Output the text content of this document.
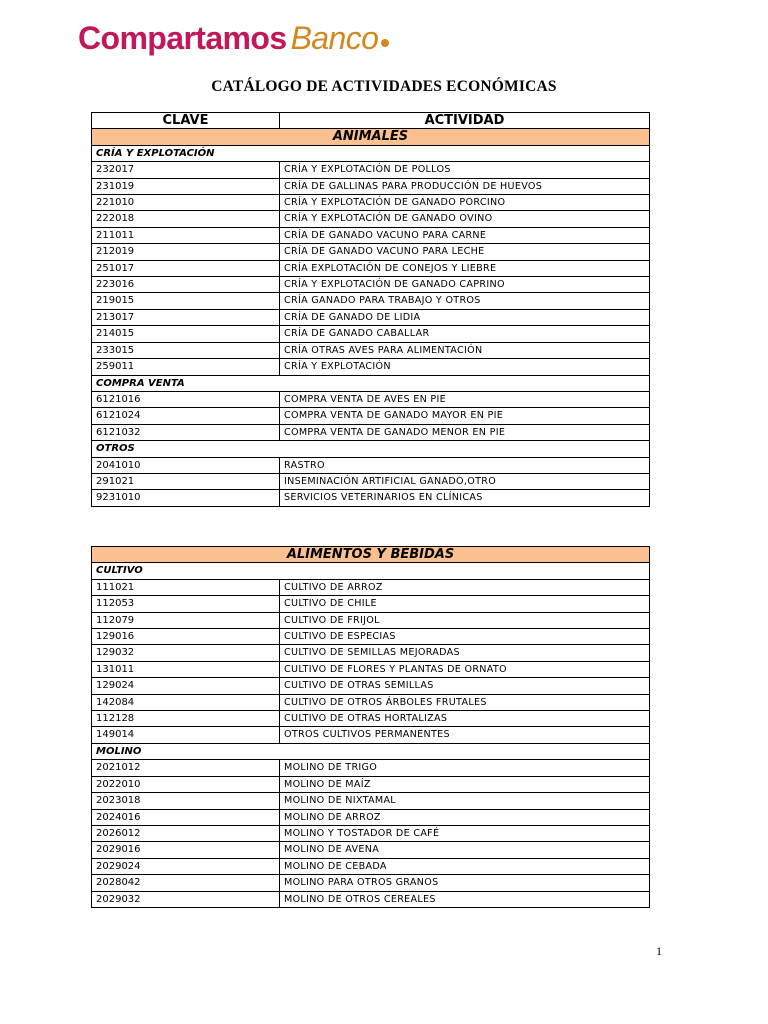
Compartamos Banco
CATÁLOGO DE ACTIVIDADES ECONÓMICAS
CLAVE	ACTIVIDAD
ANIMALES	
CRÍA Y EXPLOTACIÓN	
232017	CRÍA Y EXPLOTACIÓN DE POLLOS
231019	CRÍA DE GALLINAS PARA PRODUCCIÓN DE HUEVOS
221010	CRÍA Y EXPLOTACIÓN DE GANADO PORCINO
222018	CRÍA Y EXPLOTACIÓN DE GANADO OVINO
211011	CRÍA DE GANADO VACUNO PARA CARNE
212019	CRÍA DE GANADO VACUNO PARA LECHE
251017	CRÍA EXPLOTACIÓN DE CONEJOS Y LIEBRE
223016	CRÍA Y EXPLOTACIÓN DE GANADO CAPRINO
219015	CRÍA GANADO PARA TRABAJO Y OTROS
213017	CRÍA DE GANADO DE LIDIA
214015	CRÍA DE GANADO CABALLAR
233015	CRÍA OTRAS AVES PARA ALIMENTACIÓN
259011	CRÍA Y EXPLOTACIÓN
COMPRA VENTA	
6121016	COMPRA VENTA DE AVES EN PIE
6121024	COMPRA VENTA DE GANADO MAYOR EN PIE
6121032	COMPRA VENTA DE GANADO MENOR EN PIE
OTROS	
2041010	RASTRO
291021	INSEMINACIÓN ARTIFICIAL GANADO,OTRO
9231010	SERVICIOS VETERINARIOS EN CLÍNICAS
ALIMENTOS Y BEBIDAS	
CULTIVO	
111021	CULTIVO DE ARROZ
112053	CULTIVO DE CHILE
112079	CULTIVO DE FRIJOL
129016	CULTIVO DE ESPECIAS
129032	CULTIVO DE SEMILLAS MEJORADAS
131011	CULTIVO DE FLORES Y PLANTAS DE ORNATO
129024	CULTIVO DE OTRAS SEMILLAS
142084	CULTIVO DE OTROS ÁRBOLES FRUTALES
112128	CULTIVO DE OTRAS HORTALIZAS
149014	OTROS CULTIVOS PERMANENTES
MOLINO	
2021012	MOLINO DE TRIGO
2022010	MOLINO DE MAÍZ
2023018	MOLINO DE NIXTAMAL
2024016	MOLINO DE ARROZ
2026012	MOLINO Y TOSTADOR DE CAFÉ
2029016	MOLINO DE AVENA
2029024	MOLINO DE CEBADA
2028042	MOLINO PARA OTROS GRANOS
2029032	MOLINO DE OTROS CEREALES
1
